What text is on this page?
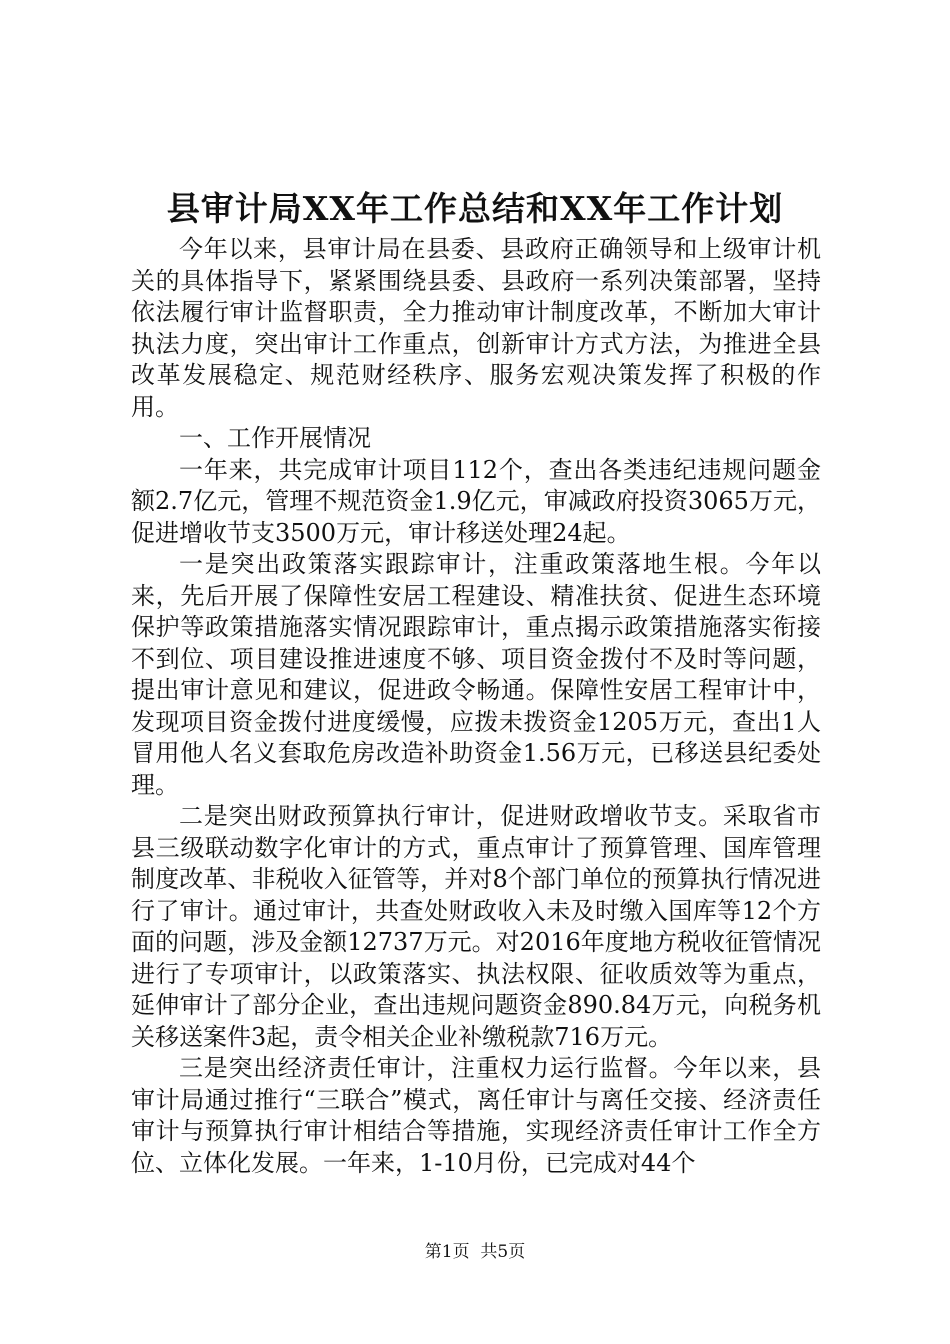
县审计局XX年工作总结和XX年工作计划

今年以来，县审计局在县委、县政府正确领导和上级审计机关的具体指导下，紧紧围绕县委、县政府一系列决策部署，坚持依法履行审计监督职责，全力推动审计制度改革，不断加大审计执法力度，突出审计工作重点，创新审计方式方法，为推进全县改革发展稳定、规范财经秩序、服务宏观决策发挥了积极的作用。

一、工作开展情况

一年来，共完成审计项目112个，查出各类违纪违规问题金额2.7亿元，管理不规范资金1.9亿元，审减政府投资3065万元，促进增收节支3500万元，审计移送处理24起。

一是突出政策落实跟踪审计，注重政策落地生根。今年以来，先后开展了保障性安居工程建设、精准扶贫、促进生态环境保护等政策措施落实情况跟踪审计，重点揭示政策措施落实衔接不到位、项目建设推进速度不够、项目资金拨付不及时等问题，提出审计意见和建议，促进政令畅通。保障性安居工程审计中，发现项目资金拨付进度缓慢，应拨未拨资金1205万元，查出1人冒用他人名义套取危房改造补助资金1.56万元，已移送县纪委处理。

二是突出财政预算执行审计，促进财政增收节支。采取省市县三级联动数字化审计的方式，重点审计了预算管理、国库管理制度改革、非税收入征管等，并对8个部门单位的预算执行情况进行了审计。通过审计，共查处财政收入未及时缴入国库等12个方面的问题，涉及金额12737万元。对2016年度地方税收征管情况进行了专项审计，以政策落实、执法权限、征收质效等为重点，延伸审计了部分企业，查出违规问题资金890.84万元，向税务机关移送案件3起，责令相关企业补缴税款716万元。

三是突出经济责任审计，注重权力运行监督。今年以来，县审计局通过推行“三联合”模式，离任审计与离任交接、经济责任审计与预算执行审计相结合等措施，实现经济责任审计工作全方位、立体化发展。一年来，1-10月份，已完成对44个

第1页 共5页
